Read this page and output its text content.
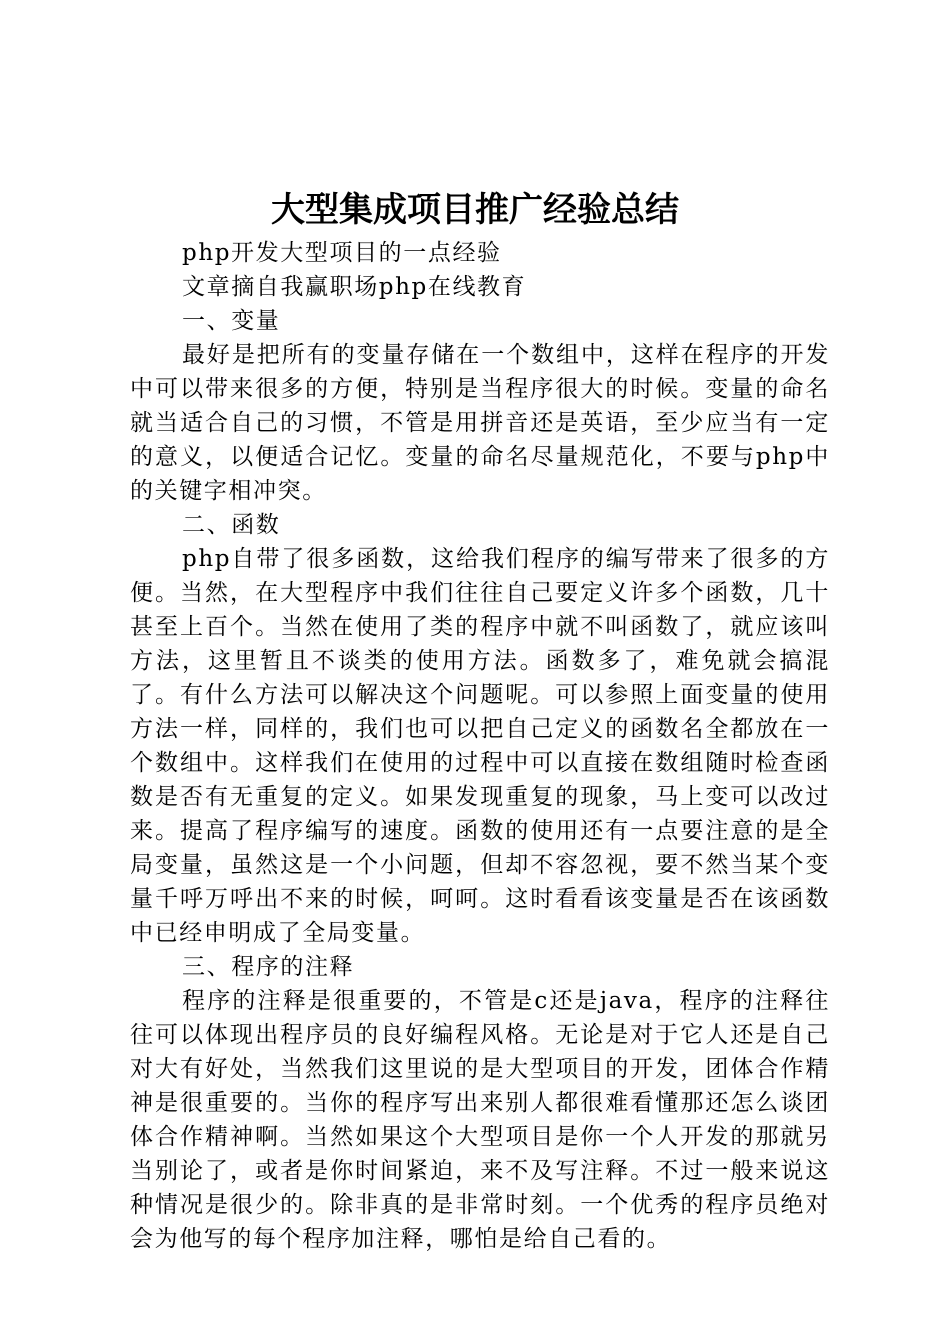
大型集成项目推广经验总结

php开发大型项目的一点经验

文章摘自我赢职场php在线教育

一、变量

最好是把所有的变量存储在一个数组中，这样在程序的开发中可以带来很多的方便，特别是当程序很大的时候。变量的命名就当适合自己的习惯，不管是用拼音还是英语，至少应当有一定的意义，以便适合记忆。变量的命名尽量规范化，不要与php中的关键字相冲突。

二、函数

php自带了很多函数，这给我们程序的编写带来了很多的方便。当然，在大型程序中我们往往自己要定义许多个函数，几十甚至上百个。当然在使用了类的程序中就不叫函数了，就应该叫方法，这里暂且不谈类的使用方法。函数多了，难免就会搞混了。有什么方法可以解决这个问题呢。可以参照上面变量的使用方法一样，同样的，我们也可以把自己定义的函数名全都放在一个数组中。这样我们在使用的过程中可以直接在数组随时检查函数是否有无重复的定义。如果发现重复的现象，马上变可以改过来。提高了程序编写的速度。函数的使用还有一点要注意的是全局变量，虽然这是一个小问题，但却不容忽视，要不然当某个变量千呼万呼出不来的时候，呵呵。这时看看该变量是否在该函数中已经申明成了全局变量。

三、程序的注释

程序的注释是很重要的，不管是c还是java，程序的注释往往可以体现出程序员的良好编程风格。无论是对于它人还是自己对大有好处，当然我们这里说的是大型项目的开发，团体合作精神是很重要的。当你的程序写出来别人都很难看懂那还怎么谈团体合作精神啊。当然如果这个大型项目是你一个人开发的那就另当别论了，或者是你时间紧迫，来不及写注释。不过一般来说这种情况是很少的。除非真的是非常时刻。一个优秀的程序员绝对会为他写的每个程序加注释，哪怕是给自己看的。
